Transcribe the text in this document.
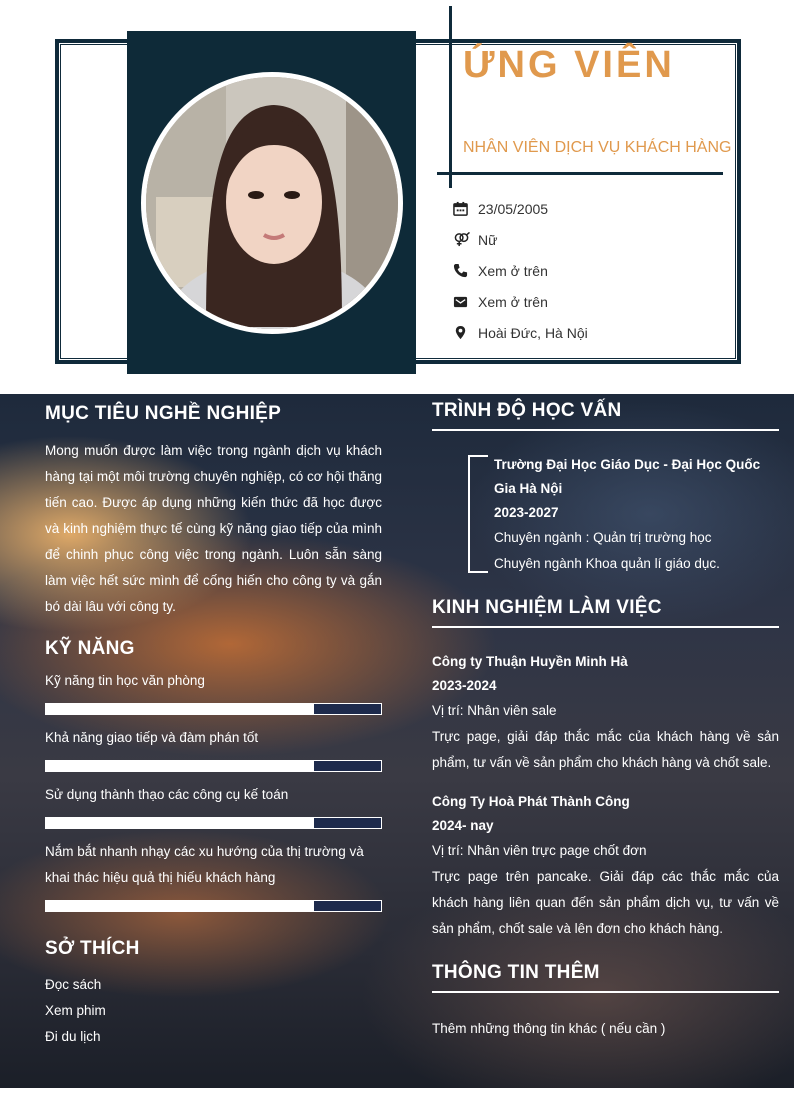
ỨNG VIÊN
NHÂN VIÊN DỊCH VỤ KHÁCH HÀNG
23/05/2005
Nữ
Xem ở trên
Xem ở trên
Hoài Đức, Hà Nội
MỤC TIÊU NGHỀ NGHIỆP
Mong muốn được làm việc trong ngành dịch vụ khách hàng tại một môi trường chuyên nghiệp, có cơ hội thăng tiến cao. Được áp dụng những kiến thức đã học được và kinh nghiệm thực tế cùng kỹ năng giao tiếp của mình để chinh phục công việc trong ngành. Luôn sẵn sàng làm việc hết sức mình để cống hiến cho công ty và gắn bó dài lâu với công ty.
KỸ NĂNG
Kỹ năng tin học văn phòng
Khả năng giao tiếp và đàm phán tốt
Sử dụng thành thạo các công cụ kế toán
Nắm bắt nhanh nhạy các xu hướng của thị trường và khai thác hiệu quả thị hiếu khách hàng
SỞ THÍCH
Đọc sách
Xem phim
Đi du lịch
TRÌNH ĐỘ HỌC VẤN
Trường Đại Học Giáo Dục - Đại Học Quốc Gia Hà Nội
2023-2027
Chuyên ngành : Quản trị trường học
Chuyên ngành Khoa quản lí giáo dục.
KINH NGHIỆM LÀM VIỆC
Công ty Thuận Huyền Minh Hà
2023-2024
Vị trí: Nhân viên sale
Trực page, giải đáp thắc mắc của khách hàng về sản phẩm, tư vấn về sản phẩm cho khách hàng và chốt sale.
Công Ty Hoà Phát Thành Công
2024- nay
Vị trí: Nhân viên trực page chốt đơn
Trực page trên pancake. Giải đáp các thắc mắc của khách hàng liên quan đến sản phẩm dịch vụ, tư vấn về sản phẩm, chốt sale và lên đơn cho khách hàng.
THÔNG TIN THÊM
Thêm những thông tin khác ( nếu cần )
